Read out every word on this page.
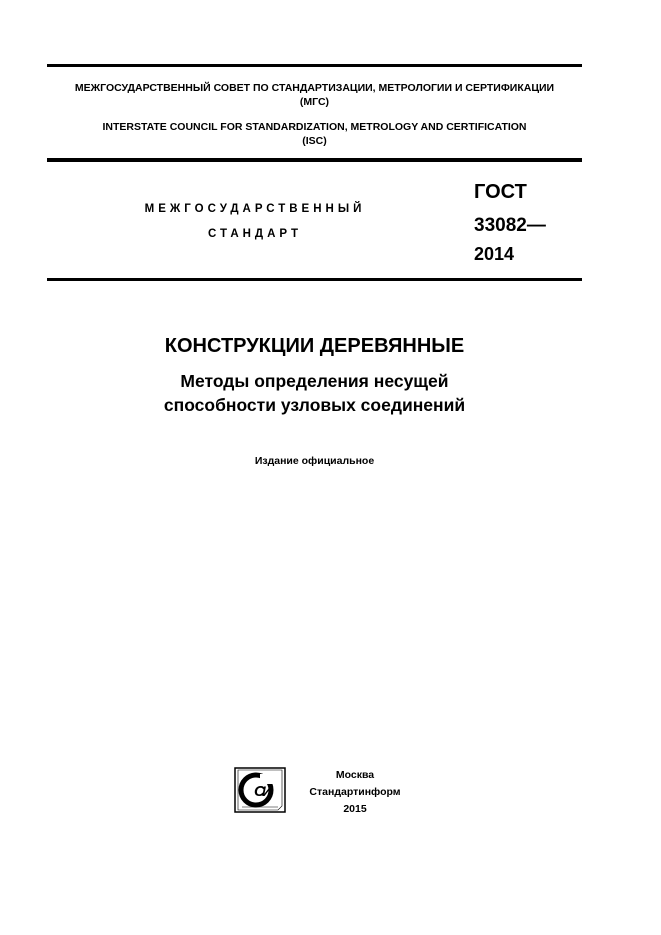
МЕЖГОСУДАРСТВЕННЫЙ СОВЕТ ПО СТАНДАРТИЗАЦИИ, МЕТРОЛОГИИ И СЕРТИФИКАЦИИ
(МГС)
INTERSTATE COUNCIL FOR STANDARDIZATION, METROLOGY AND CERTIFICATION
(ISC)
МЕЖГОСУДАРСТВЕННЫЙ
СТАНДАРТ
ГОСТ
33082—
2014
КОНСТРУКЦИИ ДЕРЕВЯННЫЕ
Методы определения несущей
способности узловых соединений
Издание официальное
С
И
Москва
Стандартинформ
2015
